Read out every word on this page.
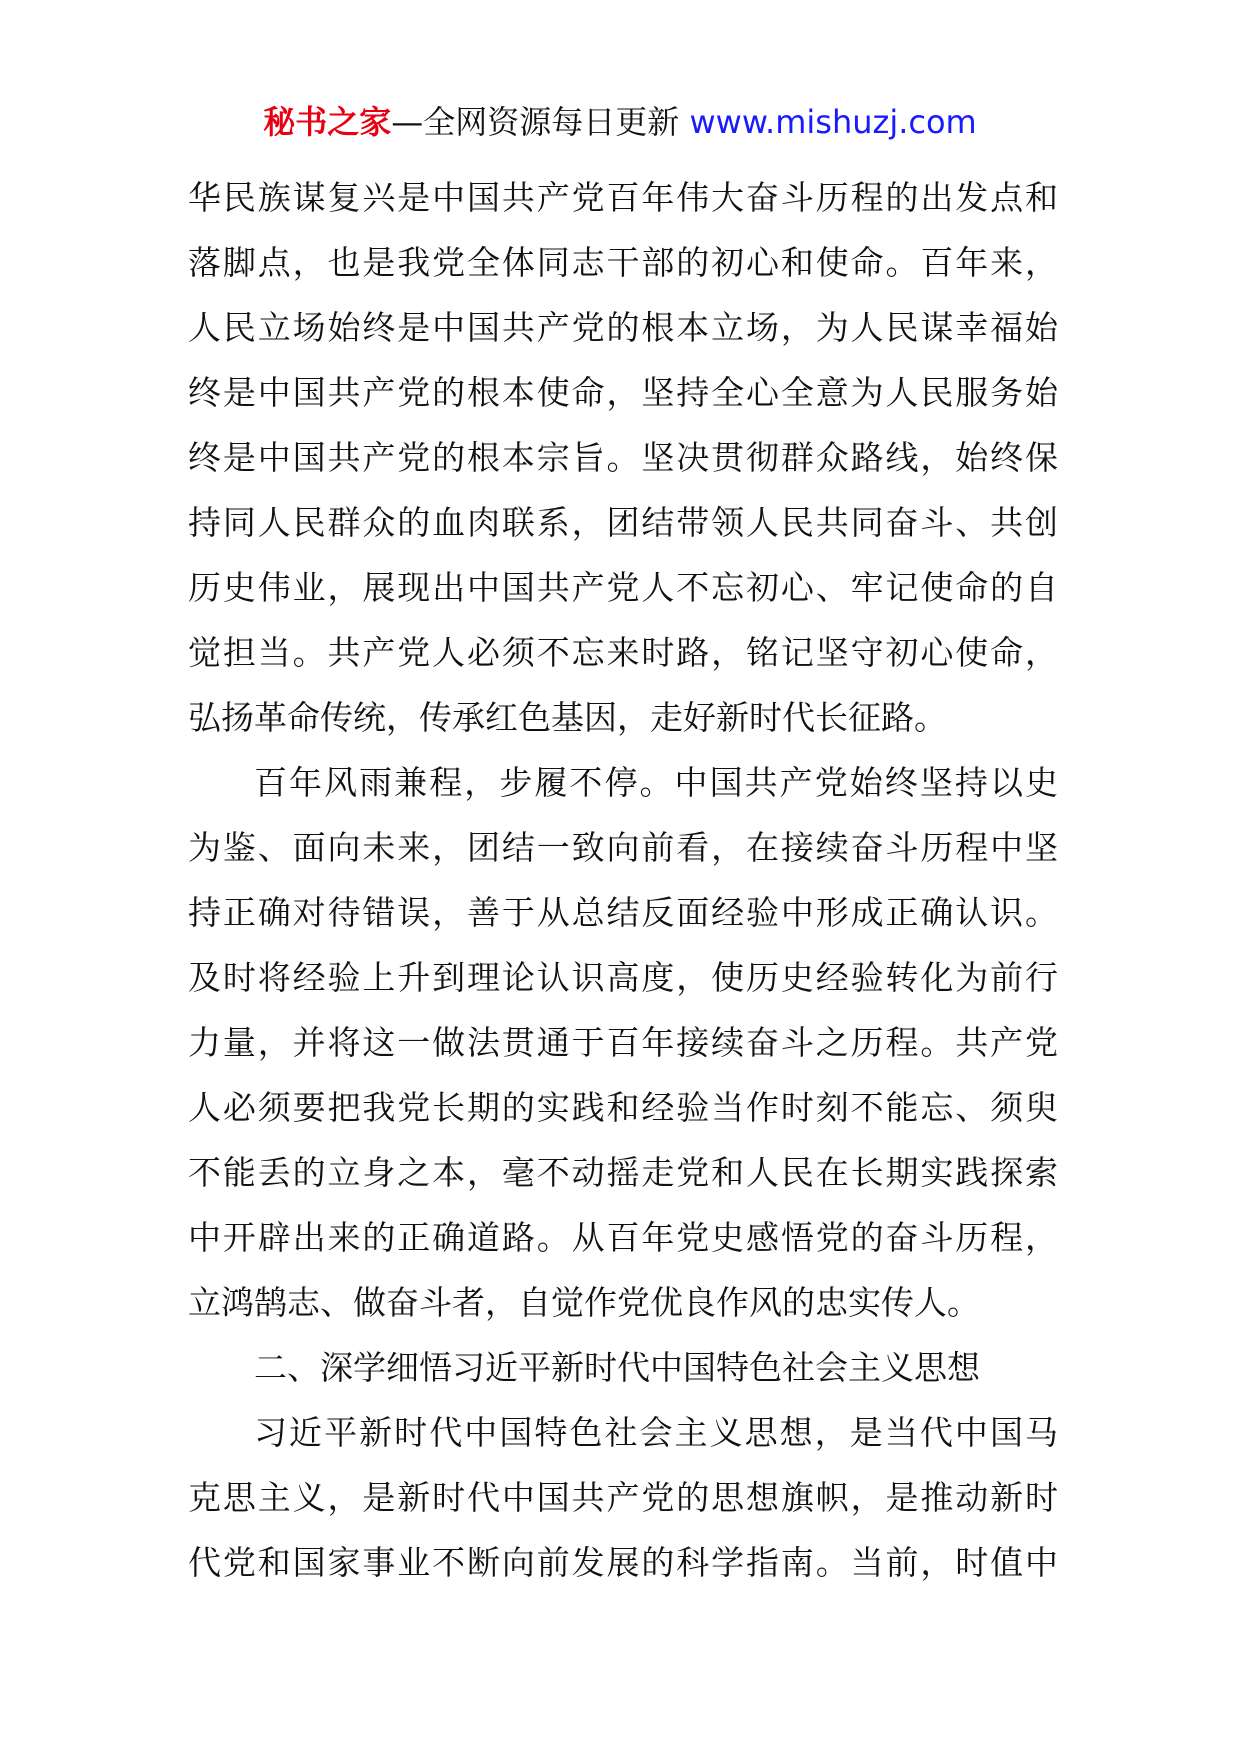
秘书之家—全网资源每日更新 www.mishuzj.com
华民族谋复兴是中国共产党百年伟大奋斗历程的出发点和
落脚点，也是我党全体同志干部的初心和使命。百年来，
人民立场始终是中国共产党的根本立场，为人民谋幸福始
终是中国共产党的根本使命，坚持全心全意为人民服务始
终是中国共产党的根本宗旨。坚决贯彻群众路线，始终保
持同人民群众的血肉联系，团结带领人民共同奋斗、共创
历史伟业，展现出中国共产党人不忘初心、牢记使命的自
觉担当。共产党人必须不忘来时路，铭记坚守初心使命，
弘扬革命传统，传承红色基因，走好新时代长征路。
百年风雨兼程，步履不停。中国共产党始终坚持以史
为鉴、面向未来，团结一致向前看，在接续奋斗历程中坚
持正确对待错误，善于从总结反面经验中形成正确认识。
及时将经验上升到理论认识高度，使历史经验转化为前行
力量，并将这一做法贯通于百年接续奋斗之历程。共产党
人必须要把我党长期的实践和经验当作时刻不能忘、须臾
不能丢的立身之本，毫不动摇走党和人民在长期实践探索
中开辟出来的正确道路。从百年党史感悟党的奋斗历程，
立鸿鹄志、做奋斗者，自觉作党优良作风的忠实传人。
二、深学细悟习近平新时代中国特色社会主义思想
习近平新时代中国特色社会主义思想，是当代中国马
克思主义，是新时代中国共产党的思想旗帜，是推动新时
代党和国家事业不断向前发展的科学指南。当前，时值中
